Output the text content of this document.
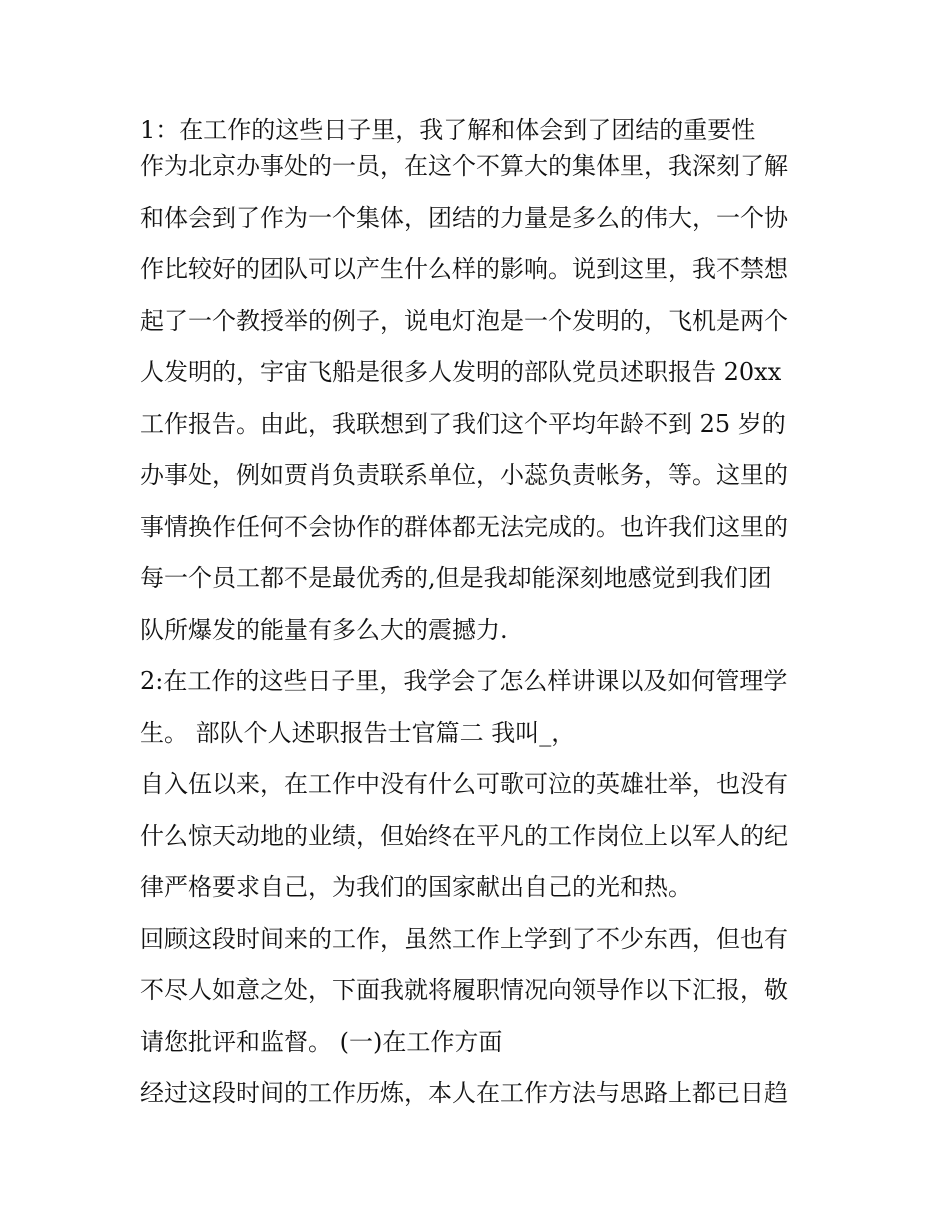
1：在工作的这些日子里，我了解和体会到了团结的重要性
作为北京办事处的一员，在这个不算大的集体里，我深刻了解
和体会到了作为一个集体，团结的力量是多么的伟大，一个协
作比较好的团队可以产生什么样的影响。说到这里，我不禁想
起了一个教授举的例子，说电灯泡是一个发明的，飞机是两个
人发明的，宇宙飞船是很多人发明的部队党员述职报告 20xx
工作报告。由此，我联想到了我们这个平均年龄不到 25 岁的
办事处，例如贾肖负责联系单位，小蕊负责帐务，等。这里的
事情换作任何不会协作的群体都无法完成的。也许我们这里的
每一个员工都不是最优秀的,但是我却能深刻地感觉到我们团
队所爆发的能量有多么大的震撼力.
2:在工作的这些日子里，我学会了怎么样讲课以及如何管理学
生。 部队个人述职报告士官篇二 我叫_，
自入伍以来，在工作中没有什么可歌可泣的英雄壮举，也没有
什么惊天动地的业绩，但始终在平凡的工作岗位上以军人的纪
律严格要求自己，为我们的国家献出自己的光和热。
回顾这段时间来的工作，虽然工作上学到了不少东西，但也有
不尽人如意之处，下面我就将履职情况向领导作以下汇报，敬
请您批评和监督。 (一)在工作方面
经过这段时间的工作历炼，本人在工作方法与思路上都已日趋
